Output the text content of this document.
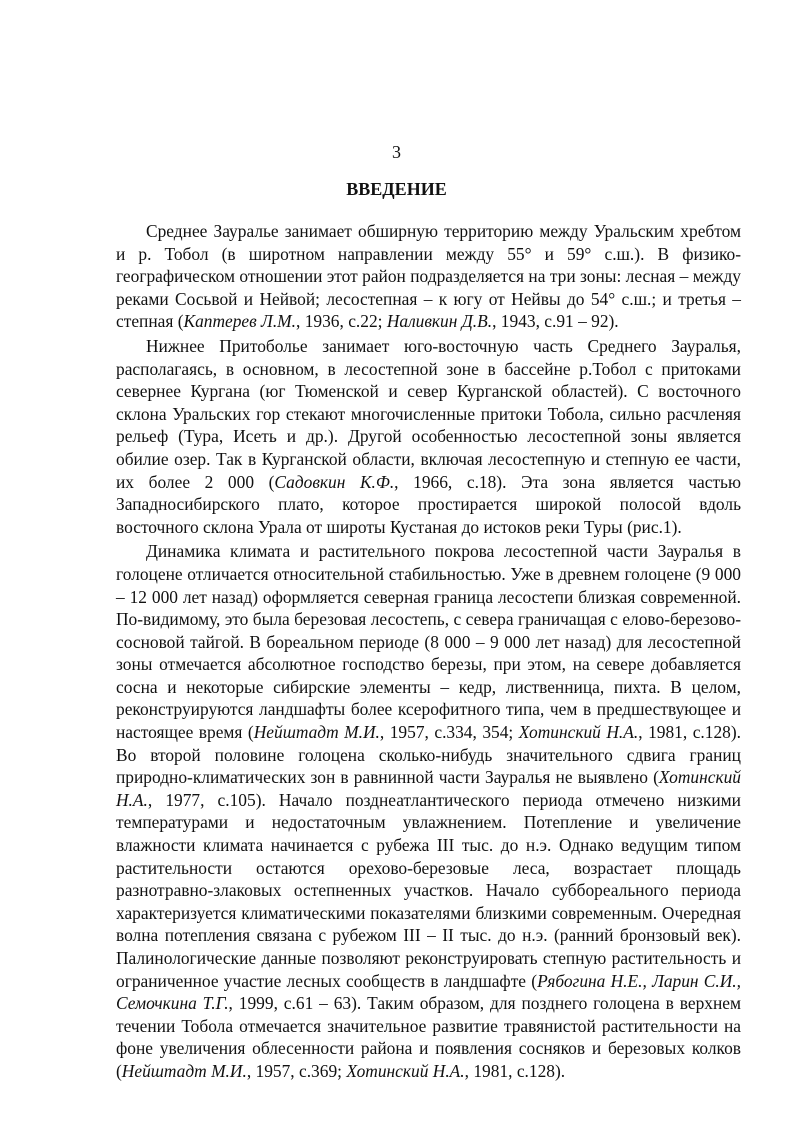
3
ВВЕДЕНИЕ

Среднее Зауралье занимает обширную территорию между Уральским хребтом и р. Тобол (в широтном направлении между 55° и 59° с.ш.). В физико-географическом отношении этот район подразделяется на три зоны: лесная – между реками Сосьвой и Нейвой; лесостепная – к югу от Нейвы до 54° с.ш.; и третья – степная (Каптерев Л.М., 1936, с.22; Наливкин Д.В., 1943, с.91 – 92).

Нижнее Притоболье занимает юго-восточную часть Среднего Зауралья, располагаясь, в основном, в лесостепной зоне в бассейне р.Тобол с притоками севернее Кургана (юг Тюменской и север Курганской областей). С восточного склона Уральских гор стекают многочисленные притоки Тобола, сильно расчленяя рельеф (Тура, Исеть и др.). Другой особенностью лесостепной зоны является обилие озер. Так в Курганской области, включая лесостепную и степную ее части, их более 2 000 (Садовкин К.Ф., 1966, с.18). Эта зона является частью Западносибирского плато, которое простирается широкой полосой вдоль восточного склона Урала от широты Кустаная до истоков реки Туры (рис.1).

Динамика климата и растительного покрова лесостепной части Зауралья в голоцене отличается относительной стабильностью. Уже в древнем голоцене (9 000 – 12 000 лет назад) оформляется северная граница лесостепи близкая современной. По-видимому, это была березовая лесостепь, с севера граничащая с елово-березово-сосновой тайгой. В бореальном периоде (8 000 – 9 000 лет назад) для лесостепной зоны отмечается абсолютное господство березы, при этом, на севере добавляется сосна и некоторые сибирские элементы – кедр, лиственница, пихта. В целом, реконструируются ландшафты более ксерофитного типа, чем в предшествующее и настоящее время (Нейштадт М.И., 1957, с.334, 354; Хотинский Н.А., 1981, с.128). Во второй половине голоцена сколько-нибудь значительного сдвига границ природно-климатических зон в равнинной части Зауралья не выявлено (Хотинский Н.А., 1977, с.105). Начало позднеатлантического периода отмечено низкими температурами и недостаточным увлажнением. Потепление и увеличение влажности климата начинается с рубежа III тыс. до н.э. Однако ведущим типом растительности остаются орехово-березовые леса, возрастает площадь разнотравно-злаковых остепненных участков. Начало суббореального периода характеризуется климатическими показателями близкими современным. Очередная волна потепления связана с рубежом III – II тыс. до н.э. (ранний бронзовый век). Палинологические данные позволяют реконструировать степную растительность и ограниченное участие лесных сообществ в ландшафте (Рябогина Н.Е., Ларин С.И., Семочкина Т.Г., 1999, с.61 – 63). Таким образом, для позднего голоцена в верхнем течении Тобола отмечается значительное развитие травянистой растительности на фоне увеличения облесенности района и появления сосняков и березовых колков (Нейштадт М.И., 1957, с.369; Хотинский Н.А., 1981, с.128).
